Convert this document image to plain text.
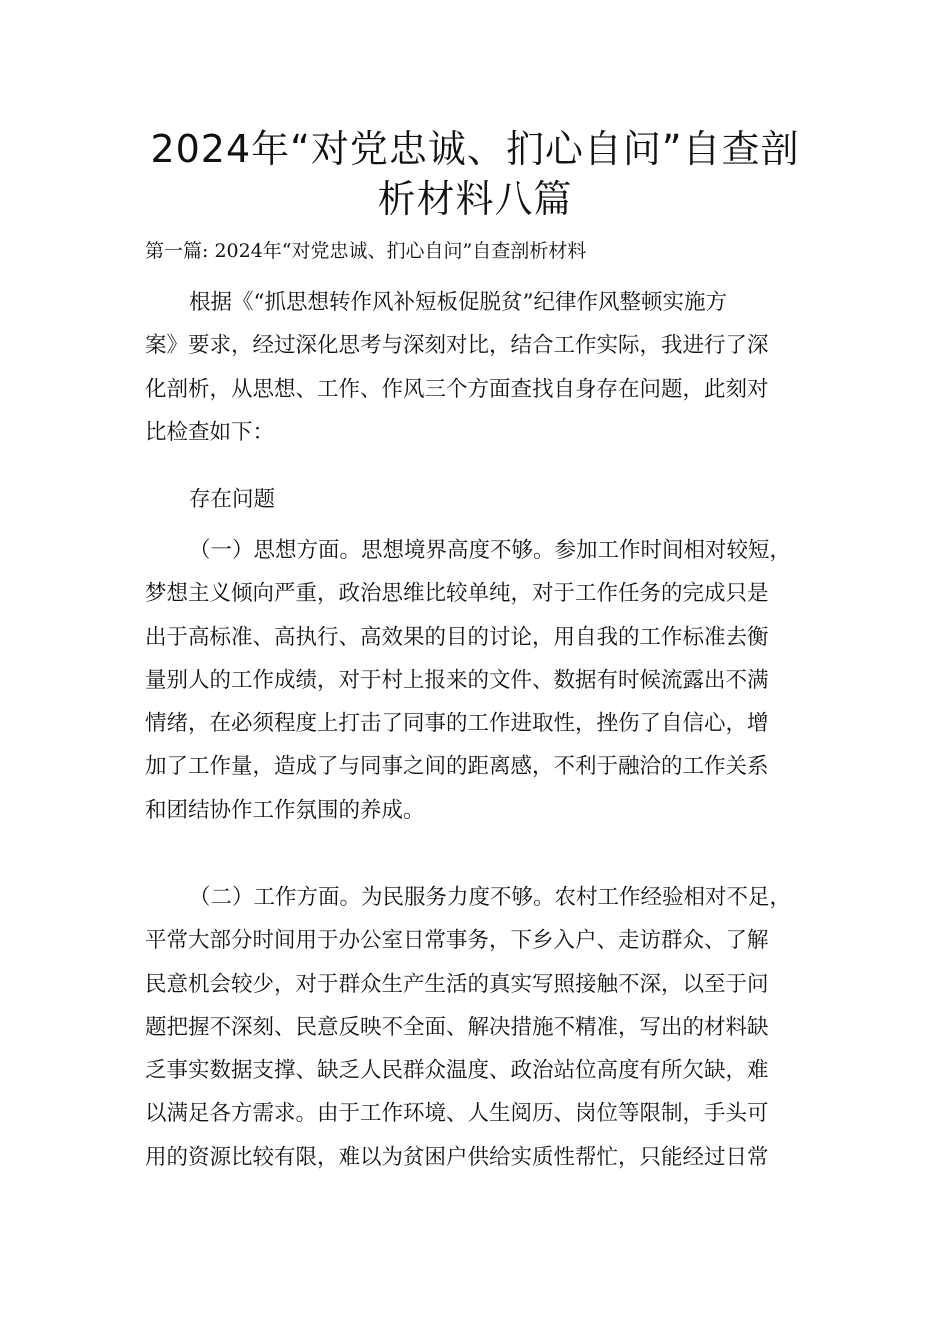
2024年“对党忠诚、扪心自问”自查剖
析材料八篇

第一篇: 2024年“对党忠诚、扪心自问”自查剖析材料

根据《“抓思想转作风补短板促脱贫”纪律作风整顿实施方
案》要求，经过深化思考与深刻对比，结合工作实际，我进行了深
化剖析，从思想、工作、作风三个方面查找自身存在问题，此刻对
比检查如下：
存在问题
（一）思想方面。思想境界高度不够。参加工作时间相对较短，
梦想主义倾向严重，政治思维比较单纯，对于工作任务的完成只是
出于高标准、高执行、高效果的目的讨论，用自我的工作标准去衡
量别人的工作成绩，对于村上报来的文件、数据有时候流露出不满
情绪，在必须程度上打击了同事的工作进取性，挫伤了自信心，增
加了工作量，造成了与同事之间的距离感，不利于融洽的工作关系
和团结协作工作氛围的养成。
（二）工作方面。为民服务力度不够。农村工作经验相对不足，
平常大部分时间用于办公室日常事务，下乡入户、走访群众、了解
民意机会较少，对于群众生产生活的真实写照接触不深，以至于问
题把握不深刻、民意反映不全面、解决措施不精准，写出的材料缺
乏事实数据支撑、缺乏人民群众温度、政治站位高度有所欠缺，难
以满足各方需求。由于工作环境、人生阅历、岗位等限制，手头可
用的资源比较有限，难以为贫困户供给实质性帮忙，只能经过日常
